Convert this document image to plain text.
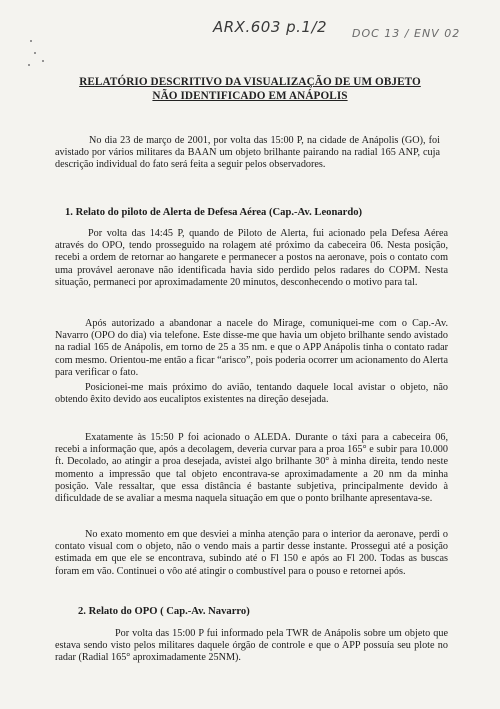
ARX.603 p.1/2 DOC 13 / ENV 02
RELATÓRIO DESCRITIVO DA VISUALIZAÇÃO DE UM OBJETO
NÃO IDENTIFICADO EM ANÁPOLIS

No dia 23 de março de 2001, por volta das 15:00 P, na cidade de Anápolis (GO), foi avistado por vários militares da BAAN um objeto brilhante pairando na radial 165 ANP, cuja descrição individual do fato será feita a seguir pelos observadores.

1. Relato do piloto de Alerta de Defesa Aérea (Cap.-Av. Leonardo)

Por volta das 14:45 P, quando de Piloto de Alerta, fui acionado pela Defesa Aérea através do OPO, tendo prosseguido na rolagem até próximo da cabeceira 06. Nesta posição, recebi a ordem de retornar ao hangarete e permanecer a postos na aeronave, pois o contato com uma provável aeronave não identificada havia sido perdido pelos radares do COPM. Nesta situação, permaneci por aproximadamente 20 minutos, desconhecendo o motivo para tal.

Após autorizado a abandonar a nacele do Mirage, comuniquei-me com o Cap.-Av. Navarro (OPO do dia) via telefone. Este disse-me que havia um objeto brilhante sendo avistado na radial 165 de Anápolis, em torno de 25 a 35 nm. e que o APP Anápolis tinha o contato radar com mesmo. Orientou-me então a ficar “arisco”, pois poderia ocorrer um acionamento do Alerta para verificar o fato.

Posicionei-me mais próximo do avião, tentando daquele local avistar o objeto, não obtendo êxito devido aos eucaliptos existentes na direção desejada.

Exatamente às 15:50 P foi acionado o ALEDA. Durante o táxi para a cabeceira 06, recebi a informação que, após a decolagem, deveria curvar para a proa 165° e subir para 10.000 ft. Decolado, ao atingir a proa desejada, avistei algo brilhante 30° à minha direita, tendo neste momento a impressão que tal objeto encontrava-se aproximadamente a 20 nm da minha posição. Vale ressaltar, que essa distância é bastante subjetiva, principalmente devido à dificuldade de se avaliar a mesma naquela situação em que o ponto brilhante apresentava-se.

No exato momento em que desviei a minha atenção para o interior da aeronave, perdi o contato visual com o objeto, não o vendo mais a partir desse instante. Prossegui até a posição estimada em que ele se encontrava, subindo até o Fl 150 e após ao Fl 200. Todas as buscas foram em vão. Continuei o vôo até atingir o combustível para o pouso e retornei após.

2. Relato do OPO ( Cap.-Av. Navarro)

Por volta das 15:00 P fui informado pela TWR de Anápolis sobre um objeto que estava sendo visto pelos militares daquele órgão de controle e que o APP possuía seu plote no radar (Radial 165° aproximadamente 25NM).
